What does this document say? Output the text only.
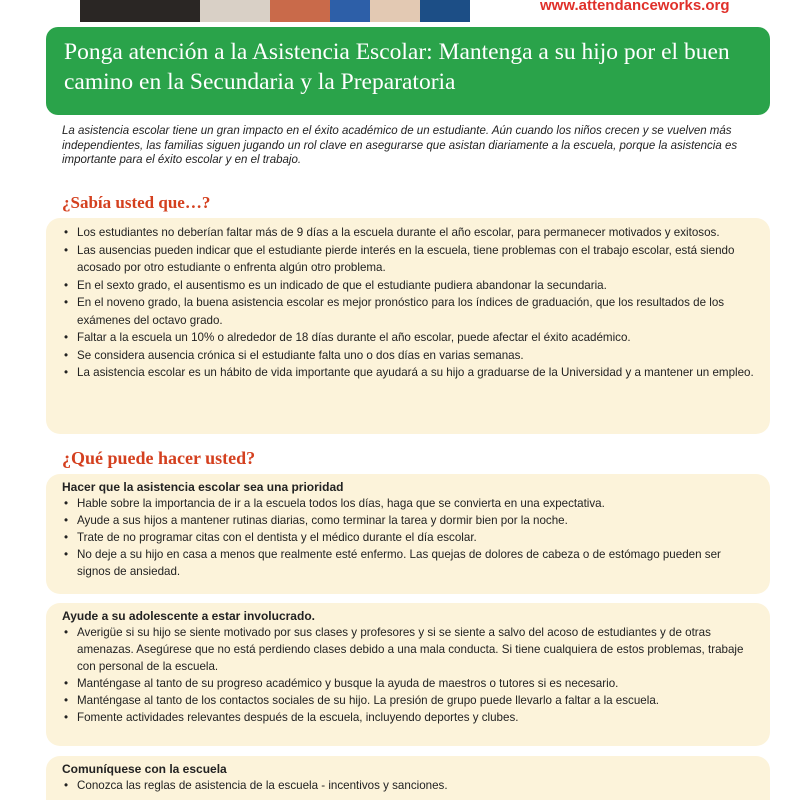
www.attendanceworks.org
Ponga atención a la Asistencia Escolar: Mantenga a su hijo por el buen camino en la Secundaria y la Preparatoria

La asistencia escolar tiene un gran impacto en el éxito académico de un estudiante. Aún cuando los niños crecen y se vuelven más independientes, las familias siguen jugando un rol clave en asegurarse que asistan diariamente a la escuela, porque la asistencia es importante para el éxito escolar y en el trabajo.

¿Sabía usted que…?
• Los estudiantes no deberían faltar más de 9 días a la escuela durante el año escolar, para permanecer motivados y exitosos.
• Las ausencias pueden indicar que el estudiante pierde interés en la escuela, tiene problemas con el trabajo escolar, está siendo acosado por otro estudiante o enfrenta algún otro problema.
• En el sexto grado, el ausentismo es un indicado de que el estudiante pudiera abandonar la secundaria.
• En el noveno grado, la buena asistencia escolar es mejor pronóstico para los índices de graduación, que los resultados de los exámenes del octavo grado.
• Faltar a la escuela un 10% o alrededor de 18 días durante el año escolar, puede afectar el éxito académico.
• Se considera ausencia crónica si el estudiante falta uno o dos días en varias semanas.
• La asistencia escolar es un hábito de vida importante que ayudará a su hijo a graduarse de la Universidad y a mantener un empleo.
¿Qué puede hacer usted?
Hacer que la asistencia escolar sea una prioridad
• Hable sobre la importancia de ir a la escuela todos los días, haga que se convierta en una expectativa.
• Ayude a sus hijos a mantener rutinas diarias, como terminar la tarea y dormir bien por la noche.
• Trate de no programar citas con el dentista y el médico durante el día escolar.
• No deje a su hijo en casa a menos que realmente esté enfermo. Las quejas de dolores de cabeza o de estómago pueden ser signos de ansiedad.
Ayude a su adolescente a estar involucrado.
• Averigüe si su hijo se siente motivado por sus clases y profesores y si se siente a salvo del acoso de estudiantes y de otras amenazas. Asegúrese que no está perdiendo clases debido a una mala conducta. Si tiene cualquiera de estos problemas, trabaje con personal de la escuela.
• Manténgase al tanto de su progreso académico y busque la ayuda de maestros o tutores si es necesario.
• Manténgase al tanto de los contactos sociales de su hijo. La presión de grupo puede llevarlo a faltar a la escuela.
• Fomente actividades relevantes después de la escuela, incluyendo deportes y clubes.
Comuníquese con la escuela
• Conozca las reglas de asistencia de la escuela - incentivos y sanciones.
